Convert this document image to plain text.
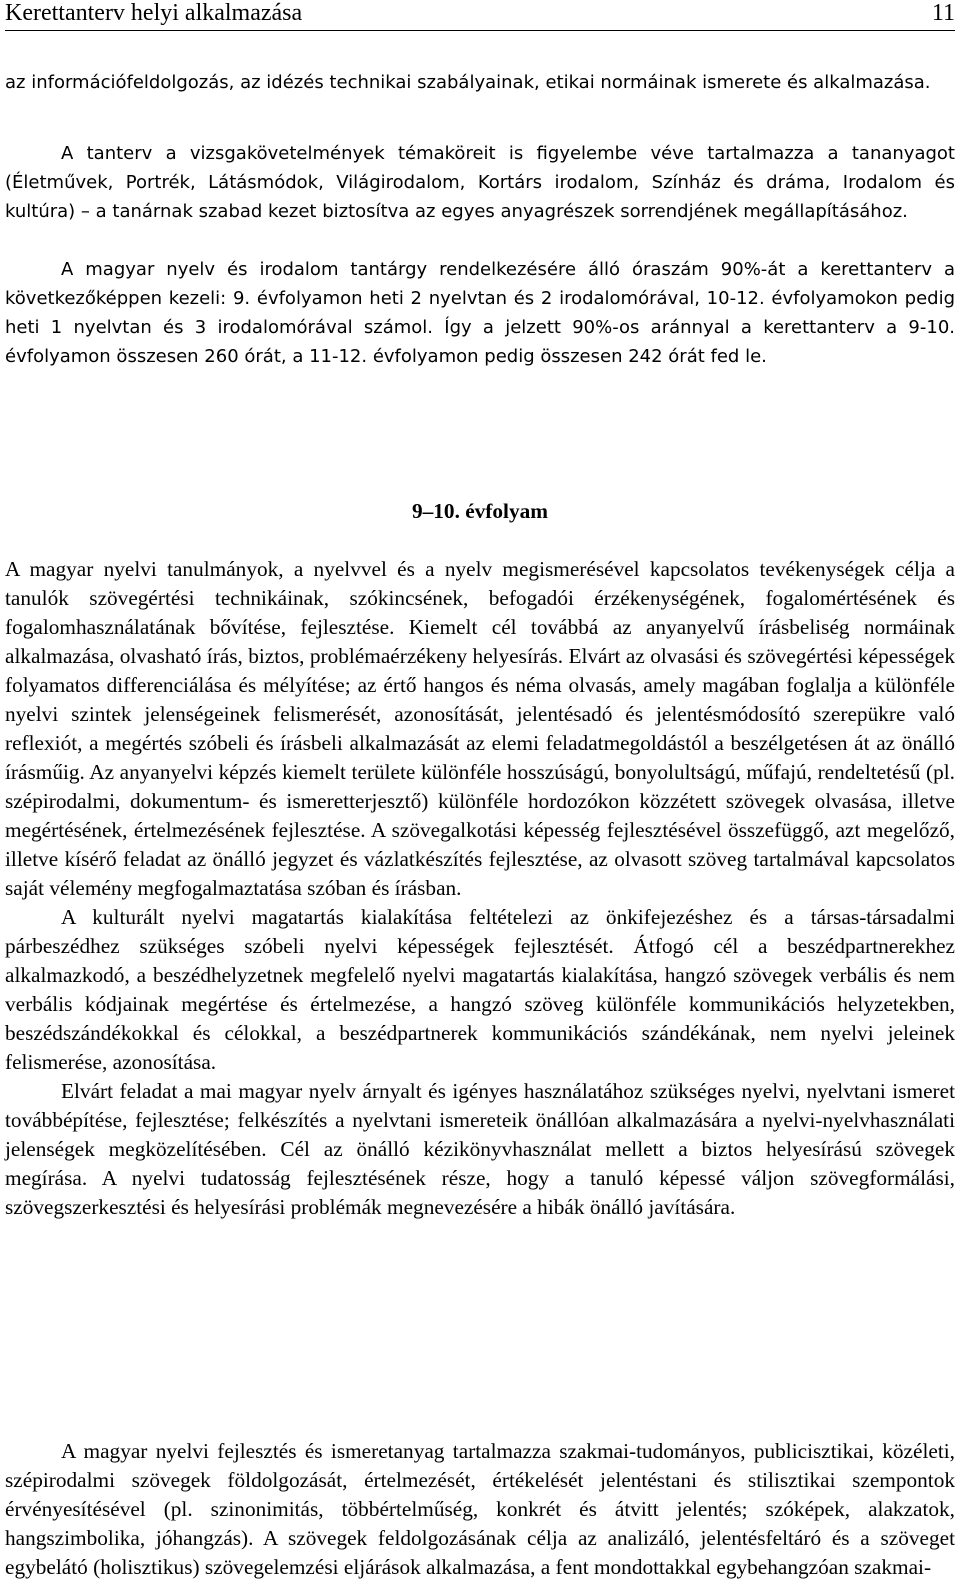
Kerettanterv helyi alkalmazása	11

az információfeldolgozás, az idézés technikai szabályainak, etikai normáinak ismerete és alkalmazása.

A tanterv a vizsgakövetelmények témaköreit is figyelembe véve tartalmazza a tananyagot (Életművek, Portrék, Látásmódok, Világirodalom, Kortárs irodalom, Színház és dráma, Irodalom és kultúra) – a tanárnak szabad kezet biztosítva az egyes anyagrészek sorrendjének megállapításához.

A magyar nyelv és irodalom tantárgy rendelkezésére álló óraszám 90%-át a kerettanterv a következőképpen kezeli: 9. évfolyamon heti 2 nyelvtan és 2 irodalomórával, 10-12. évfolyamokon pedig heti 1 nyelvtan és 3 irodalomórával számol. Így a jelzett 90%-os aránnyal a kerettanterv a 9-10. évfolyamon összesen 260 órát, a 11-12. évfolyamon pedig összesen 242 órát fed le.

9–10. évfolyam

A magyar nyelvi tanulmányok, a nyelvvel és a nyelv megismerésével kapcsolatos tevékenységek célja a tanulók szövegértési technikáinak, szókincsének, befogadói érzékenységének, fogalomértésének és fogalomhasználatának bővítése, fejlesztése. Kiemelt cél továbbá az anyanyelvű írásbeliség normáinak alkalmazása, olvasható írás, biztos, problémaérzékeny helyesírás. Elvárt az olvasási és szövegértési képességek folyamatos differenciálása és mélyítése; az értő hangos és néma olvasás, amely magában foglalja a különféle nyelvi szintek jelenségeinek felismerését, azonosítását, jelentésadó és jelentésmódosító szerepükre való reflexiót, a megértés szóbeli és írásbeli alkalmazását az elemi feladatmegoldástól a beszélgetésen át az önálló írásműig. Az anyanyelvi képzés kiemelt területe különféle hosszúságú, bonyolultságú, műfajú, rendeltetésű (pl. szépirodalmi, dokumentum- és ismeretterjesztő) különféle hordozókon közzétett szövegek olvasása, illetve megértésének, értelmezésének fejlesztése. A szövegalkotási képesség fejlesztésével összefüggő, azt megelőző, illetve kísérő feladat az önálló jegyzet és vázlatkészítés fejlesztése, az olvasott szöveg tartalmával kapcsolatos saját vélemény megfogalmaztatása szóban és írásban.

A kulturált nyelvi magatartás kialakítása feltételezi az önkifejezéshez és a társas-társadalmi párbeszédhez szükséges szóbeli nyelvi képességek fejlesztését. Átfogó cél a beszédpartnerekhez alkalmazkodó, a beszédhelyzetnek megfelelő nyelvi magatartás kialakítása, hangzó szövegek verbális és nem verbális kódjainak megértése és értelmezése, a hangzó szöveg különféle kommunikációs helyzetekben, beszédszándékokkal és célokkal, a beszédpartnerek kommunikációs szándékának, nem nyelvi jeleinek felismerése, azonosítása.

Elvárt feladat a mai magyar nyelv árnyalt és igényes használatához szükséges nyelvi, nyelvtani ismeret továbbépítése, fejlesztése; felkészítés a nyelvtani ismereteik önállóan alkalmazására a nyelvi-nyelvhasználati jelenségek megközelítésében. Cél az önálló kézikönyvhasználat mellett a biztos helyesírású szövegek megírása. A nyelvi tudatosság fejlesztésének része, hogy a tanuló képessé váljon szövegformálási, szövegszerkesztési és helyesírási problémák megnevezésére a hibák önálló javítására.

A magyar nyelvi fejlesztés és ismeretanyag tartalmazza szakmai-tudományos, publicisztikai, közéleti, szépirodalmi szövegek földolgozását, értelmezését, értékelését jelentéstani és stilisztikai szempontok érvényesítésével (pl. szinonimitás, többértelműség, konkrét és átvitt jelentés; szóképek, alakzatok, hangszimbolika, jóhangzás). A szövegek feldolgozásának célja az analizáló, jelentésfeltáró és a szöveget egybelátó (holisztikus) szövegelemzési eljárások alkalmazása, a fent mondottakkal egybehangzóan szakmai-
